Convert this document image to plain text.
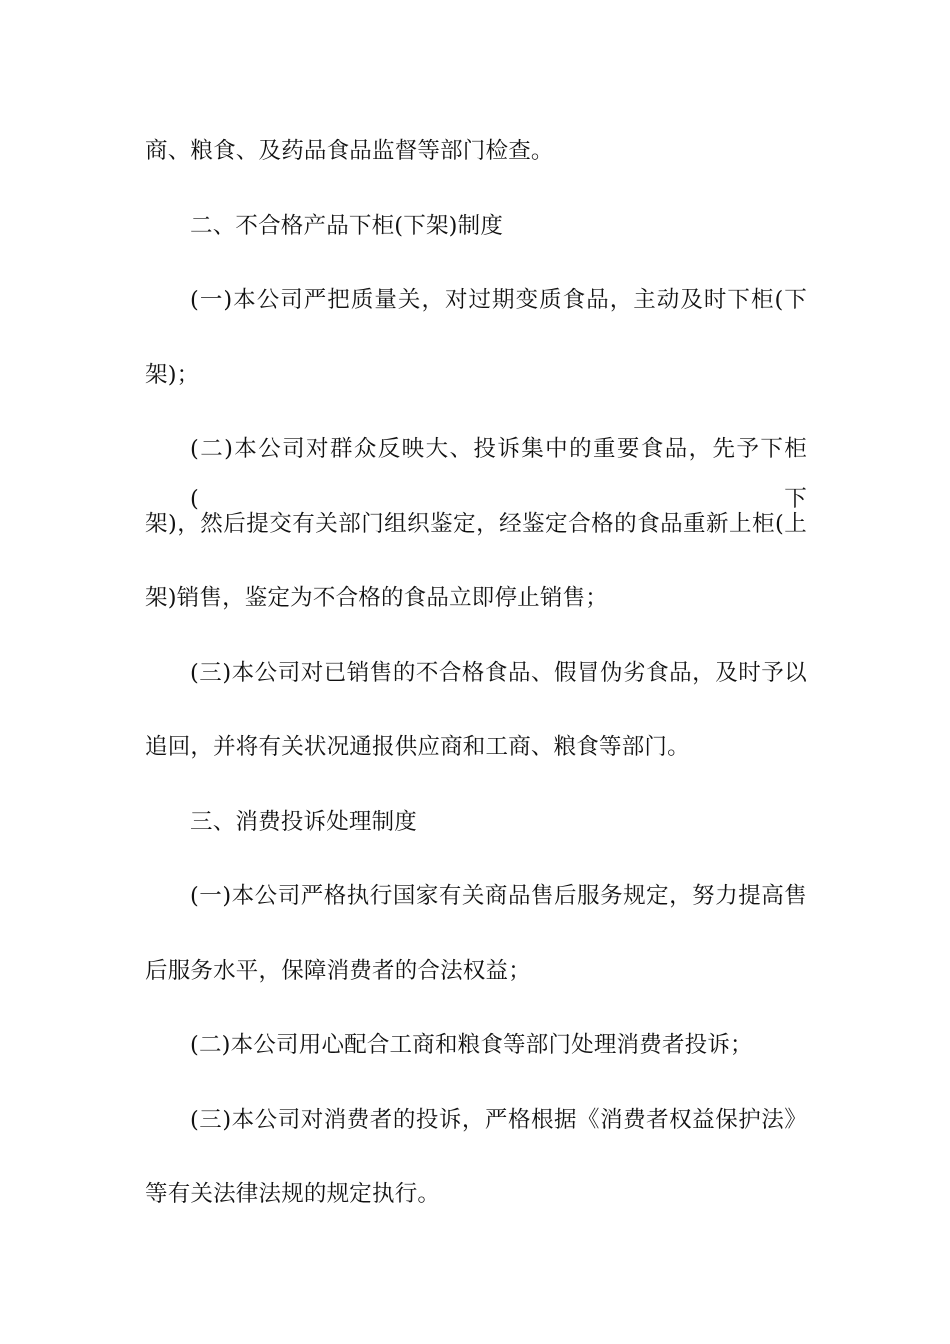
商、粮食、及药品食品监督等部门检查。
二、不合格产品下柜(下架)制度
(一)本公司严把质量关，对过期变质食品，主动及时下柜(下
架)；
(二)本公司对群众反映大、投诉集中的重要食品，先予下柜(下
架)，然后提交有关部门组织鉴定，经鉴定合格的食品重新上柜(上
架)销售，鉴定为不合格的食品立即停止销售；
(三)本公司对已销售的不合格食品、假冒伪劣食品，及时予以
追回，并将有关状况通报供应商和工商、粮食等部门。
三、消费投诉处理制度
(一)本公司严格执行国家有关商品售后服务规定，努力提高售
后服务水平，保障消费者的合法权益；
(二)本公司用心配合工商和粮食等部门处理消费者投诉；
(三)本公司对消费者的投诉，严格根据《消费者权益保护法》
等有关法律法规的规定执行。
